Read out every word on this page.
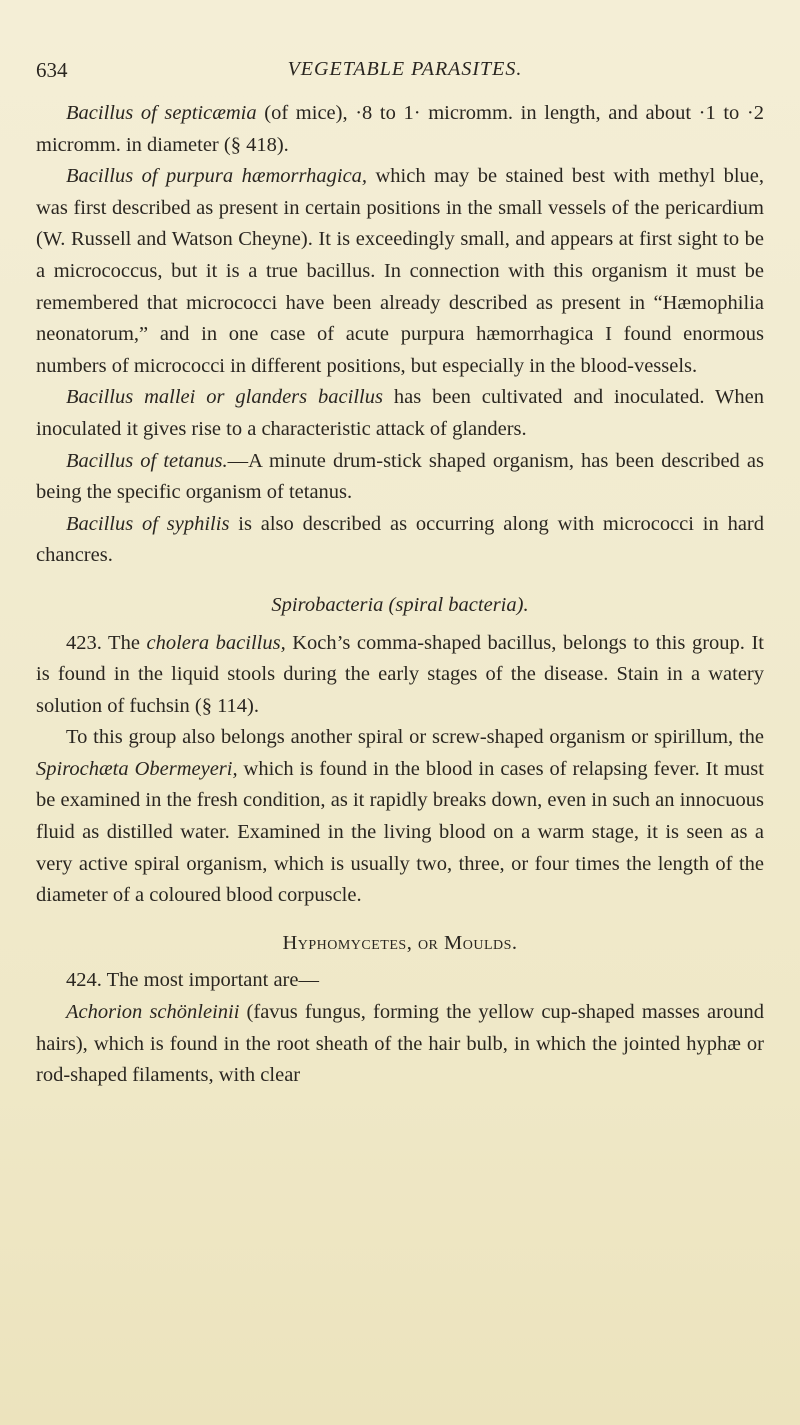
634	VEGETABLE PARASITES.

Bacillus of septicæmia (of mice), ·8 to 1· micromm. in length, and about ·1 to ·2 micromm. in diameter (§ 418).

Bacillus of purpura hæmorrhagica, which may be stained best with methyl blue, was first described as present in certain positions in the small vessels of the pericardium (W. Russell and Watson Cheyne). It is exceedingly small, and appears at first sight to be a micrococcus, but it is a true bacillus. In connection with this organism it must be remembered that micrococci have been already described as present in “Hæmophilia neonatorum,” and in one case of acute purpura hæmorrhagica I found enormous numbers of micrococci in different positions, but especially in the blood-vessels.

Bacillus mallei or glanders bacillus has been cultivated and inoculated. When inoculated it gives rise to a characteristic attack of glanders.

Bacillus of tetanus.—A minute drum-stick shaped organism, has been described as being the specific organism of tetanus.

Bacillus of syphilis is also described as occurring along with micrococci in hard chancres.

Spirobacteria (spiral bacteria).

423. The cholera bacillus, Koch’s comma-shaped bacillus, belongs to this group. It is found in the liquid stools during the early stages of the disease. Stain in a watery solution of fuchsin (§ 114).

To this group also belongs another spiral or screw-shaped organism or spirillum, the Spirochæta Obermeyeri, which is found in the blood in cases of relapsing fever. It must be examined in the fresh condition, as it rapidly breaks down, even in such an innocuous fluid as distilled water. Examined in the living blood on a warm stage, it is seen as a very active spiral organism, which is usually two, three, or four times the length of the diameter of a coloured blood corpuscle.

Hyphomycetes, or Moulds.

424. The most important are—

Achorion schönleinii (favus fungus, forming the yellow cup-shaped masses around hairs), which is found in the root sheath of the hair bulb, in which the jointed hyphæ or rod-shaped filaments, with clear
